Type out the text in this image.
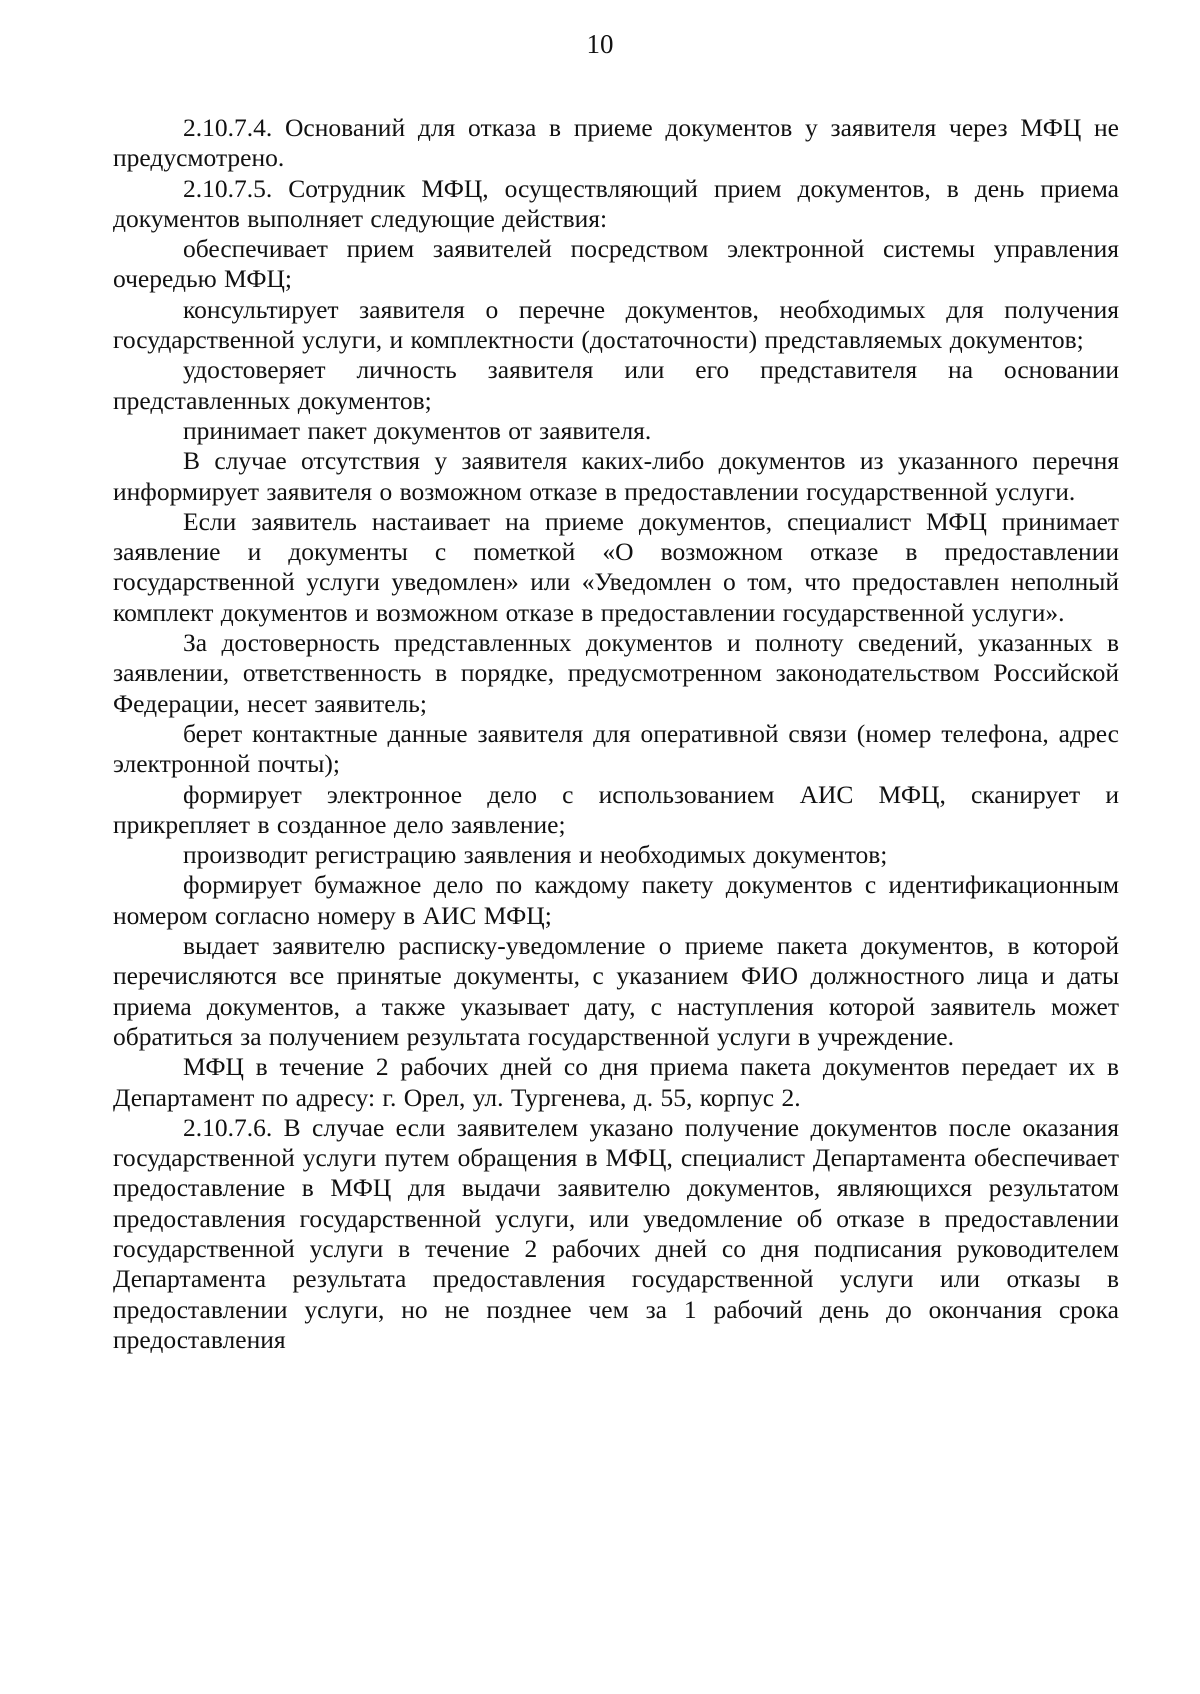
10

2.10.7.4. Оснований для отказа в приеме документов у заявителя через МФЦ не предусмотрено.

2.10.7.5. Сотрудник МФЦ, осуществляющий прием документов, в день приема документов выполняет следующие действия:

обеспечивает прием заявителей посредством электронной системы управления очередью МФЦ;

консультирует заявителя о перечне документов, необходимых для получения государственной услуги, и комплектности (достаточности) представляемых документов;

удостоверяет личность заявителя или его представителя на основании представленных документов;

принимает пакет документов от заявителя.

В случае отсутствия у заявителя каких-либо документов из указанного перечня информирует заявителя о возможном отказе в предоставлении государственной услуги.

Если заявитель настаивает на приеме документов, специалист МФЦ принимает заявление и документы с пометкой «О возможном отказе в предоставлении государственной услуги уведомлен» или «Уведомлен о том, что предоставлен неполный комплект документов и возможном отказе в предоставлении государственной услуги».

За достоверность представленных документов и полноту сведений, указанных в заявлении, ответственность в порядке, предусмотренном законодательством Российской Федерации, несет заявитель;

берет контактные данные заявителя для оперативной связи (номер телефона, адрес электронной почты);

формирует электронное дело с использованием АИС МФЦ, сканирует и прикрепляет в созданное дело заявление;

производит регистрацию заявления и необходимых документов;

формирует бумажное дело по каждому пакету документов с идентификационным номером согласно номеру в АИС МФЦ;

выдает заявителю расписку-уведомление о приеме пакета документов, в которой перечисляются все принятые документы, с указанием ФИО должностного лица и даты приема документов, а также указывает дату, с наступления которой заявитель может обратиться за получением результата государственной услуги в учреждение.

МФЦ в течение 2 рабочих дней со дня приема пакета документов передает их в Департамент по адресу: г. Орел, ул. Тургенева, д. 55, корпус 2.

2.10.7.6. В случае если заявителем указано получение документов после оказания государственной услуги путем обращения в МФЦ, специалист Департамента обеспечивает предоставление в МФЦ для выдачи заявителю документов, являющихся результатом предоставления государственной услуги, или уведомление об отказе в предоставлении государственной услуги в течение 2 рабочих дней со дня подписания руководителем Департамента результата предоставления государственной услуги или отказы в предоставлении услуги, но не позднее чем за 1 рабочий день до окончания срока предоставления
